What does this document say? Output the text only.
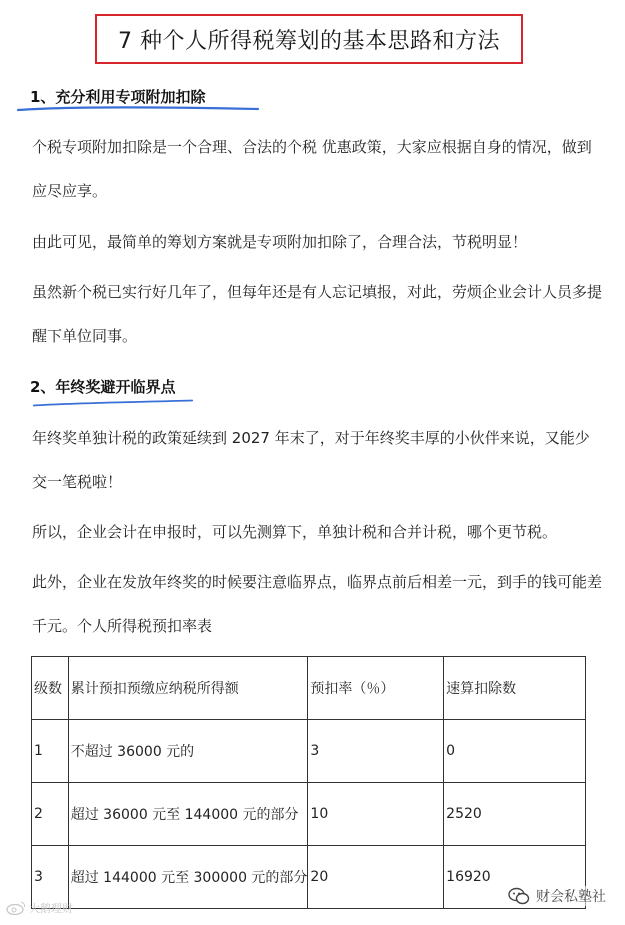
7 种个人所得税筹划的基本思路和方法
1、充分利用专项附加扣除

个税专项附加扣除是一个合理、合法的个税 优惠政策，大家应根据自身的情况，做到应尽应享。

由此可见，最简单的筹划方案就是专项附加扣除了，合理合法，节税明显！

虽然新个税已实行好几年了，但每年还是有人忘记填报，对此，劳烦企业会计人员多提醒下单位同事。

2、年终奖避开临界点

年终奖单独计税的政策延续到 2027 年末了，对于年终奖丰厚的小伙伴来说，又能少交一笔税啦！

所以，企业会计在申报时，可以先测算下，单独计税和合并计税，哪个更节税。

此外，企业在发放年终奖的时候要注意临界点，临界点前后相差一元，到手的钱可能差千元。个人所得税预扣率表

级数	累计预扣预缴应纳税所得额	预扣率（％）	速算扣除数
1	不超过 36000 元的	3	0
2	超过 36000 元至 144000 元的部分	10	2520
3	超过 144000 元至 300000 元的部分	20	16920
大鹅理财
财会私塾社
